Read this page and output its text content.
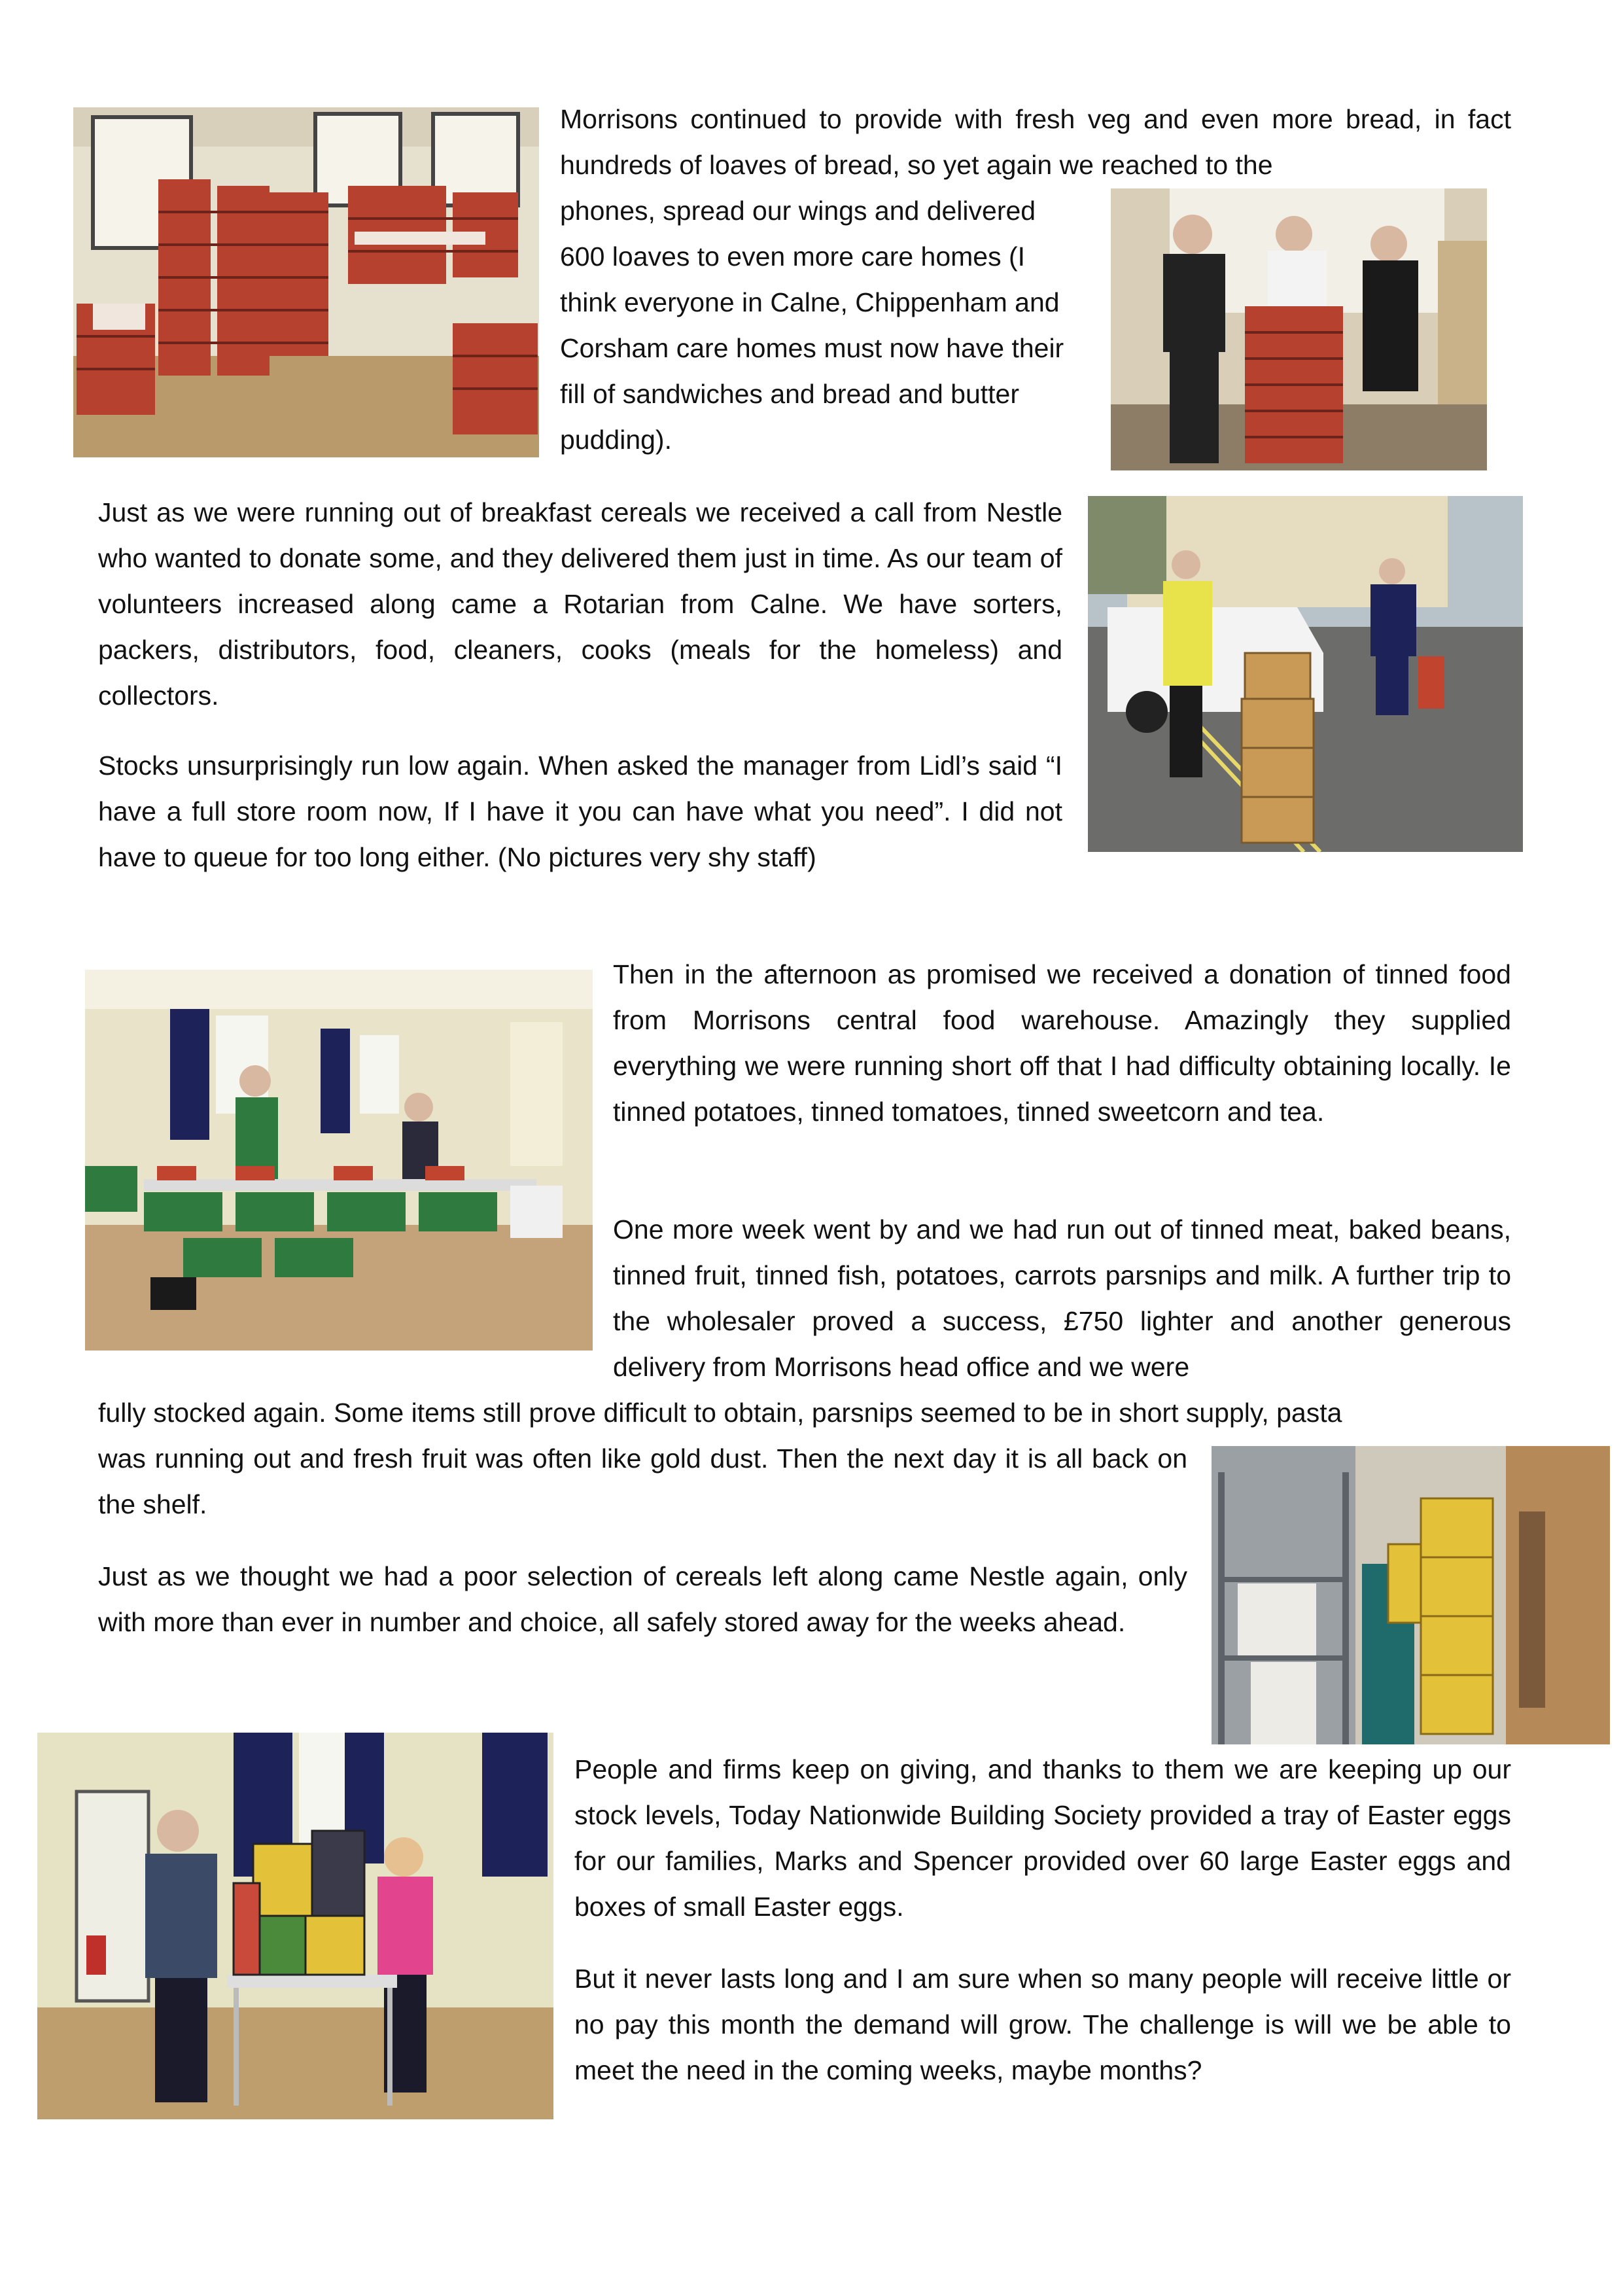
Morrisons continued to provide with fresh veg and even more bread, in fact hundreds of loaves of bread, so yet again we reached to the

phones, spread our wings and delivered 600 loaves to even more care homes (I think everyone in Calne, Chippenham and Corsham care homes must now have their fill of sandwiches and bread and butter pudding).

Just as we were running out of breakfast cereals we received a call from Nestle who wanted to donate some, and they delivered them just in time. As our team of volunteers increased along came a Rotarian from Calne. We have sorters, packers, distributors, food, cleaners, cooks (meals for the homeless) and collectors.

Stocks unsurprisingly run low again. When asked the manager from Lidl’s said “I have a full store room now, If I have it you can have what you need”. I did not have to queue for too long either. (No pictures very shy staff)

Then in the afternoon as promised we received a donation of tinned food from Morrisons central food warehouse. Amazingly they supplied everything we were running short off that I had difficulty obtaining locally. Ie tinned potatoes, tinned tomatoes, tinned sweetcorn and tea.

One more week went by and we had run out of tinned meat, baked beans, tinned fruit, tinned fish, potatoes, carrots parsnips and milk. A further trip to the wholesaler proved a success, £750 lighter and another generous delivery from Morrisons head office and we were

fully stocked again. Some items still prove difficult to obtain, parsnips seemed to be in short supply, pasta

was running out and fresh fruit was often like gold dust. Then the next day it is all back on the shelf.

Just as we thought we had a poor selection of cereals left along came Nestle again, only with more than ever in number and choice, all safely stored away for the weeks ahead.

People and firms keep on giving, and thanks to them we are keeping up our stock levels, Today Nationwide Building Society provided a tray of Easter eggs for our families, Marks and Spencer provided over 60 large Easter eggs and boxes of small Easter eggs.

But it never lasts long and I am sure when so many people will receive little or no pay this month the demand will grow. The challenge is will we be able to meet the need in the coming weeks, maybe months?
